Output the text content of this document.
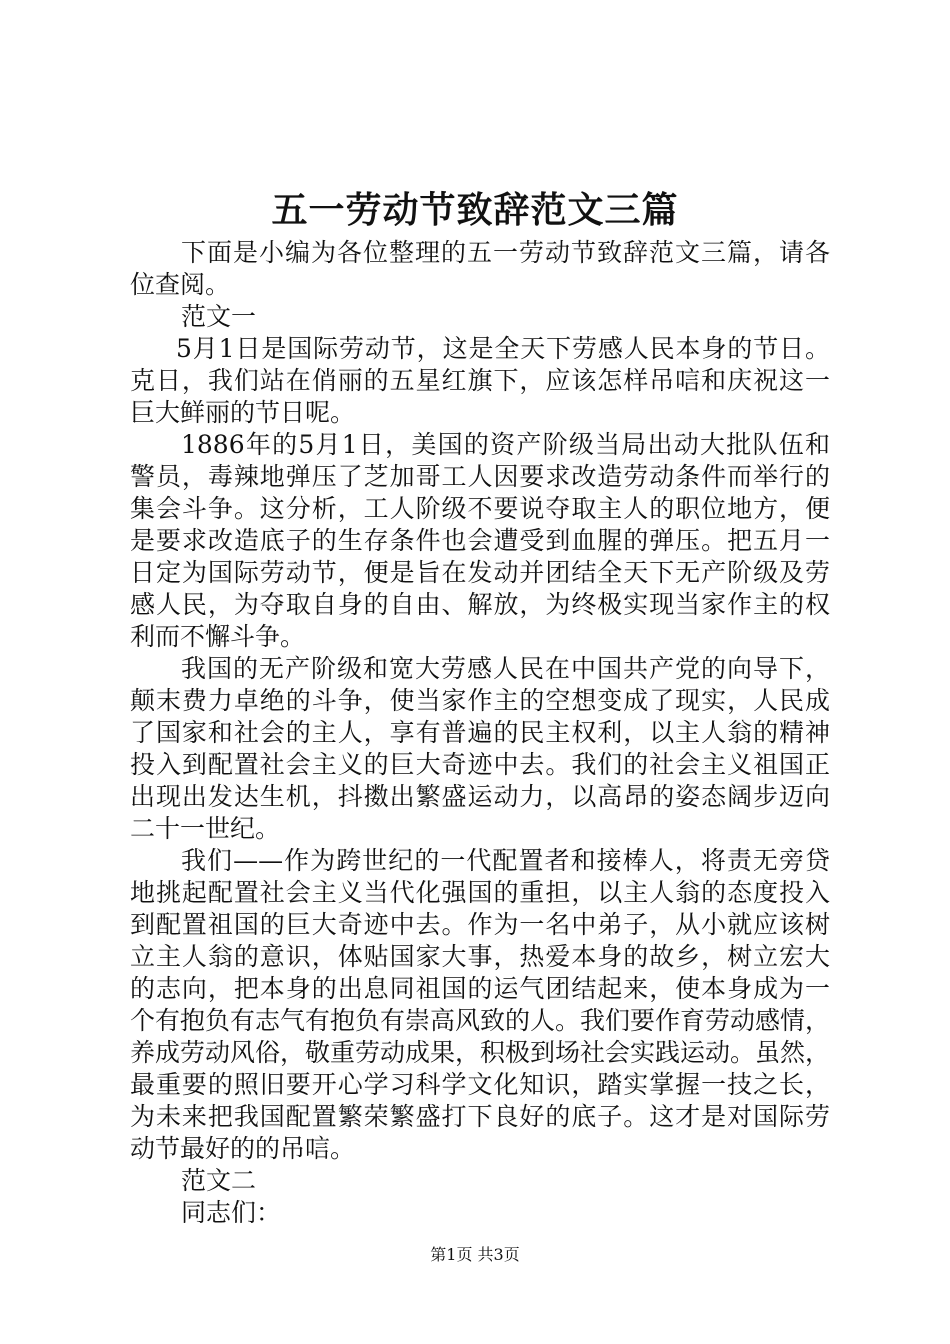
五一劳动节致辞范文三篇
下面是小编为各位整理的五一劳动节致辞范文三篇，请各
位查阅。
范文一
5月1日是国际劳动节，这是全天下劳感人民本身的节日。
克日，我们站在俏丽的五星红旗下，应该怎样吊唁和庆祝这一
巨大鲜丽的节日呢。
1886年的5月1日，美国的资产阶级当局出动大批队伍和
警员，毒辣地弹压了芝加哥工人因要求改造劳动条件而举行的
集会斗争。这分析，工人阶级不要说夺取主人的职位地方，便
是要求改造底子的生存条件也会遭受到血腥的弹压。把五月一
日定为国际劳动节，便是旨在发动并团结全天下无产阶级及劳
感人民，为夺取自身的自由、解放，为终极实现当家作主的权
利而不懈斗争。
我国的无产阶级和宽大劳感人民在中国共产党的向导下，
颠末费力卓绝的斗争，使当家作主的空想变成了现实，人民成
了国家和社会的主人，享有普遍的民主权利，以主人翁的精神
投入到配置社会主义的巨大奇迹中去。我们的社会主义祖国正
出现出发达生机，抖擞出繁盛运动力，以高昂的姿态阔步迈向
二十一世纪。
我们——作为跨世纪的一代配置者和接棒人，将责无旁贷
地挑起配置社会主义当代化强国的重担，以主人翁的态度投入
到配置祖国的巨大奇迹中去。作为一名中弟子，从小就应该树
立主人翁的意识，体贴国家大事，热爱本身的故乡，树立宏大
的志向，把本身的出息同祖国的运气团结起来，使本身成为一
个有抱负有志气有抱负有崇高风致的人。我们要作育劳动感情，
养成劳动风俗，敬重劳动成果，积极到场社会实践运动。虽然，
最重要的照旧要开心学习科学文化知识，踏实掌握一技之长，
为未来把我国配置繁荣繁盛打下良好的底子。这才是对国际劳
动节最好的的吊唁。
范文二
同志们：
第1页 共3页
